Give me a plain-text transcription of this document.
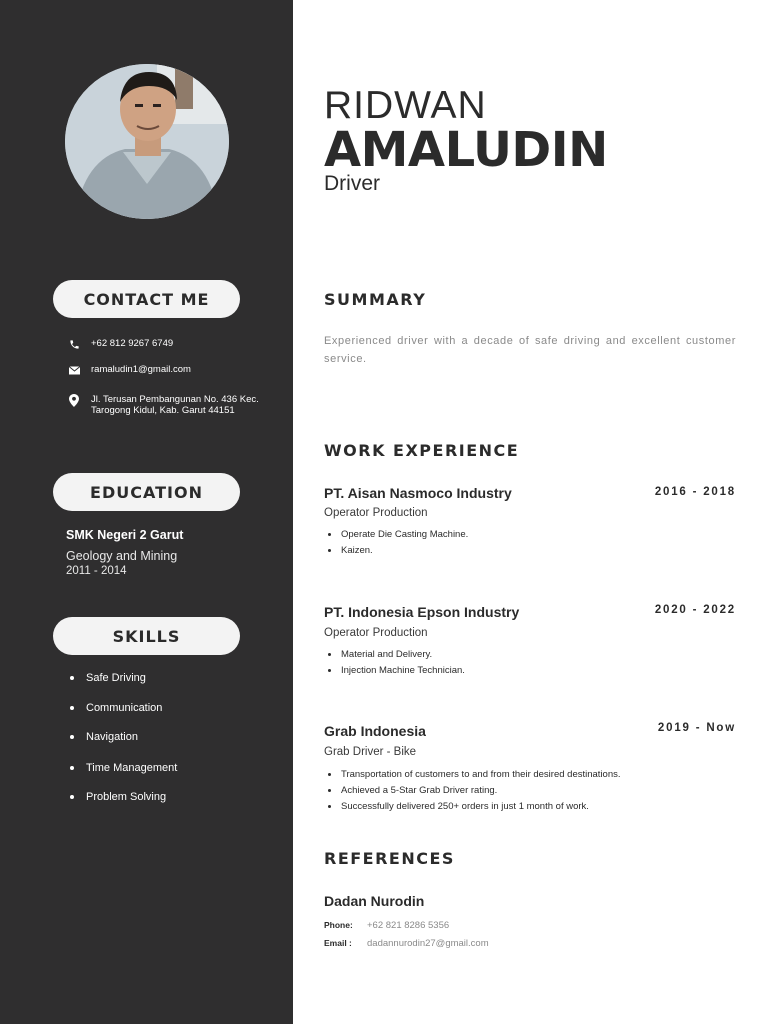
CONTACT ME
+62 812 9267 6749
ramaludin1@gmail.com
Jl. Terusan Pembangunan No. 436 Kec. Tarogong Kidul, Kab. Garut 44151
EDUCATION
SMK Negeri 2 Garut
Geology and Mining
2011 - 2014
SKILLS
Safe Driving
Communication
Navigation
Time Management
Problem Solving
RIDWAN
AMALUDIN
Driver
SUMMARY
Experienced driver with a decade of safe driving and excellent customer service.
WORK EXPERIENCE
PT. Aisan Nasmoco Industry	2016 - 2018
Operator Production
Operate Die Casting Machine.
Kaizen.
PT. Indonesia Epson Industry	2020 - 2022
Operator Production
Material and Delivery.
Injection Machine Technician.
Grab Indonesia	2019 - Now
Grab Driver - Bike
Transportation of customers to and from their desired destinations.
Achieved a 5-Star Grab Driver rating.
Successfully delivered 250+ orders in just 1 month of work.
REFERENCES
Dadan Nurodin
Phone:	+62 821 8286 5356
Email :	dadannurodin27@gmail.com
